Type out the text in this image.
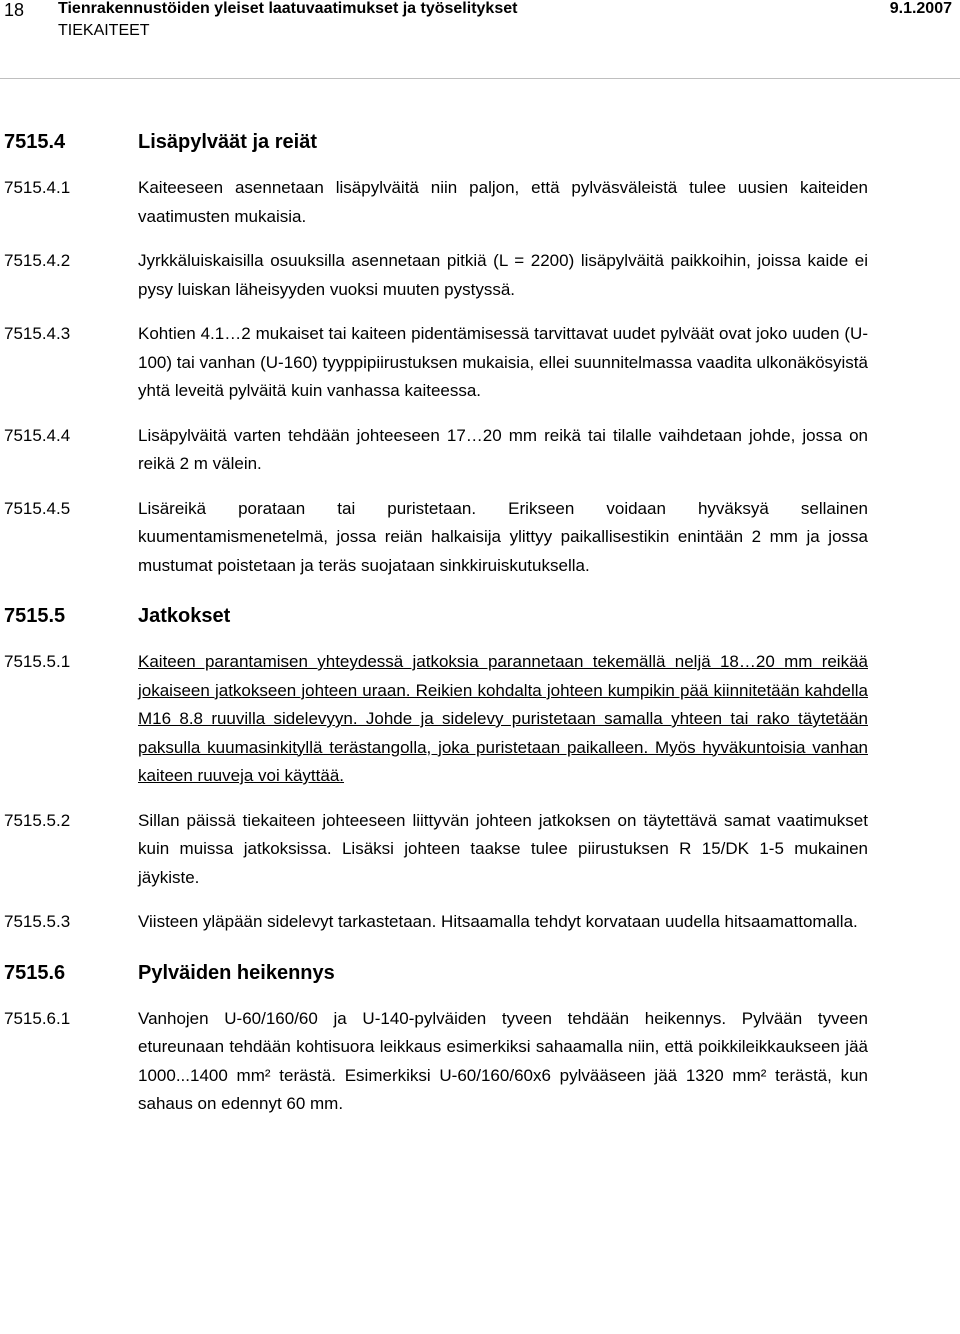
18 Tienrakennustöiden yleiset laatuvaatimukset ja työselitykset	9.1.2007
TIEKAITEET
7515.4	Lisäpylväät ja reiät
7515.4.1	Kaiteeseen asennetaan lisäpylväitä niin paljon, että pylväsväleistä tulee uusien kaiteiden vaatimusten mukaisia.
7515.4.2	Jyrkkäluiskaisilla osuuksilla asennetaan pitkiä (L = 2200) lisäpylväitä paikkoihin, joissa kaide ei pysy luiskan läheisyyden vuoksi muuten pystyssä.
7515.4.3	Kohtien 4.1…2 mukaiset tai kaiteen pidentämisessä tarvittavat uudet pylväät ovat joko uuden (U-100) tai vanhan (U-160) tyyppipiirustuksen mukaisia, ellei suunnitelmassa vaadita ulkonäkösyistä yhtä leveitä pylväitä kuin vanhassa kaiteessa.
7515.4.4	Lisäpylväitä varten tehdään johteeseen 17…20 mm reikä tai tilalle vaihdetaan johde, jossa on reikä 2 m välein.
7515.4.5	Lisäreikä porataan tai puristetaan. Erikseen voidaan hyväksyä sellainen kuumentamismenetelmä, jossa reiän halkaisija ylittyy paikallisestikin enintään 2 mm ja jossa mustumat poistetaan ja teräs suojataan sinkkiruiskutuksella.
7515.5	Jatkokset
7515.5.1	Kaiteen parantamisen yhteydessä jatkoksia parannetaan tekemällä neljä 18…20 mm reikää jokaiseen jatkokseen johteen uraan. Reikien kohdalta johteen kumpikin pää kiinnitetään kahdella M16 8.8 ruuvilla sidelevyyn. Johde ja sidelevy puristetaan samalla yhteen tai rako täytetään paksulla kuumasinkityllä terästangolla, joka puristetaan paikalleen. Myös hyväkuntoisia vanhan kaiteen ruuveja voi käyttää.
7515.5.2	Sillan päissä tiekaiteen johteeseen liittyvän johteen jatkoksen on täytettävä samat vaatimukset kuin muissa jatkoksissa. Lisäksi johteen taakse tulee piirustuksen R 15/DK 1-5 mukainen jäykiste.
7515.5.3	Viisteen yläpään sidelevyt tarkastetaan. Hitsaamalla tehdyt korvataan uudella hitsaamattomalla.
7515.6	Pylväiden heikennys
7515.6.1	Vanhojen U-60/160/60 ja U-140-pylväiden tyveen tehdään heikennys. Pylvään tyveen etureunaan tehdään kohtisuora leikkaus esimerkiksi sahaamalla niin, että poikkileikkaukseen jää 1000...1400 mm² terästä. Esimerkiksi U-60/160/60x6 pylvääseen jää 1320 mm² terästä, kun sahaus on edennyt 60 mm.
